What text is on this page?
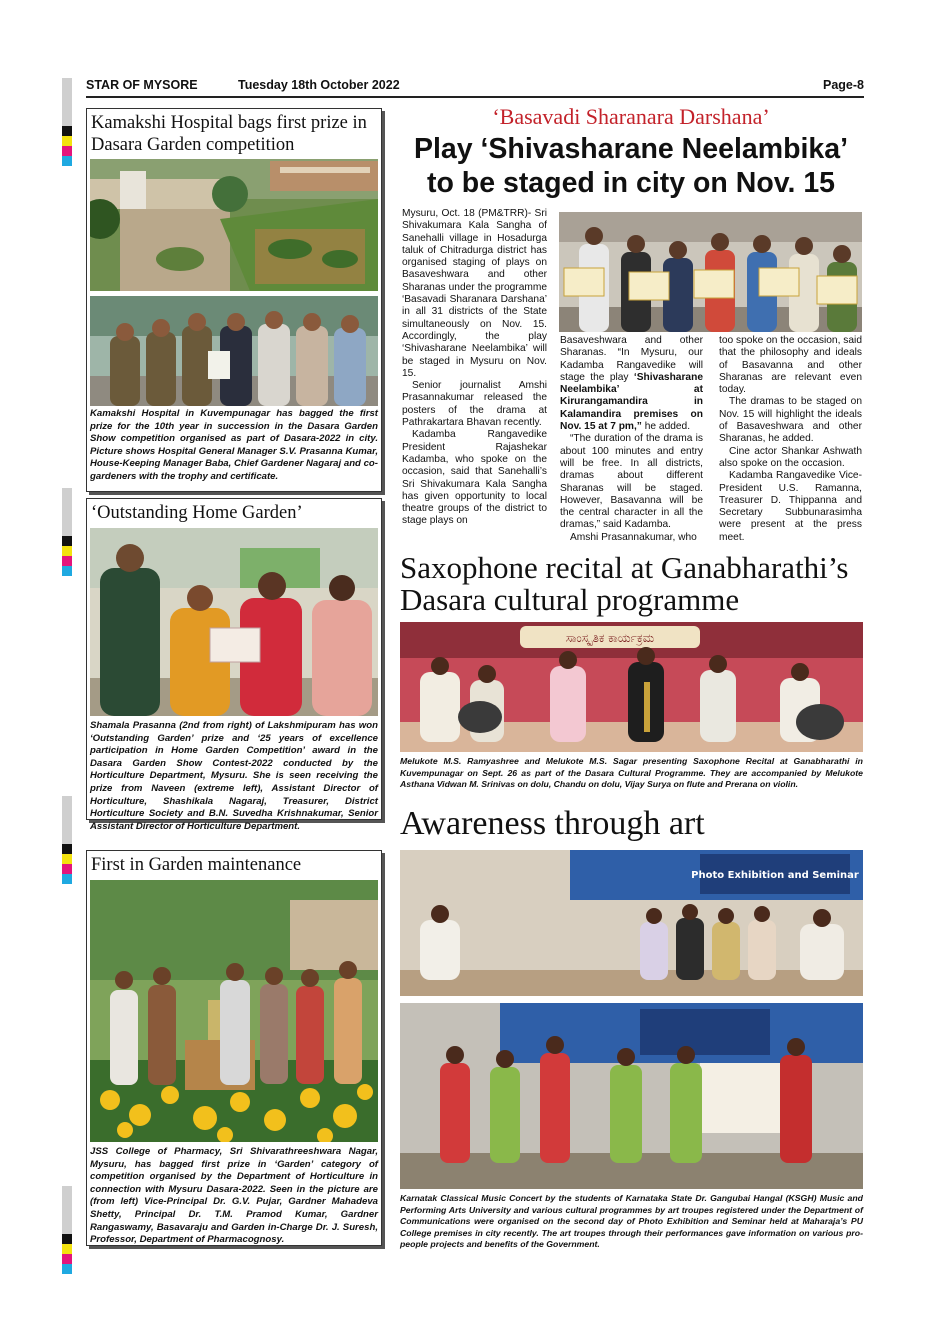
STAR OF MYSORE	Tuesday 18th October 2022	Page-8
Kamakshi Hospital bags first prize in Dasara Garden competition
Kamakshi Hospital in Kuvempunagar has bagged the first prize for the 10th year in succession in the Dasara Garden Show competition organised as part of Dasara-2022 in city. Picture shows Hospital General Manager S.V. Prasanna Kumar, House-Keeping Manager Baba, Chief Gardener Nagaraj and co-gardeners with the trophy and certificate.
‘Outstanding Home Garden’
Shamala Prasanna (2nd from right) of Lakshmipuram has won ‘Outstanding Garden’ prize and ‘25 years of excellence participation in Home Garden Competition’ award in the Dasara Garden Show Contest-2022 conducted by the Horticulture Department, Mysuru. She is seen receiving the prize from Naveen (extreme left), Assistant Director of Horticulture, Shashikala Nagaraj, Treasurer, District Horticulture Society and B.N. Suvedha Krishnakumar, Senior Assistant Director of Horticulture Department.
First in Garden maintenance
JSS College of Pharmacy, Sri Shivarathreeshwara Nagar, Mysuru, has bagged first prize in ‘Garden’ category of competition organised by the Department of Horticulture in connection with Mysuru Dasara-2022. Seen in the picture are (from left) Vice-Principal Dr. G.V. Pujar, Gardner Mahadeva Shetty, Principal Dr. T.M. Pramod Kumar, Gardner Rangaswamy, Basavaraju and Garden in-Charge Dr. J. Suresh, Professor, Department of Pharmacognosy.
‘Basavadi Sharanara Darshana’
Play ‘Shivasharane Neelambika’ to be staged in city on Nov. 15

Mysuru, Oct. 18 (PM&TRR)- Sri Shivakumara Kala Sangha of Sanehalli village in Hosadurga taluk of Chitradurga district has organised staging of plays on Basaveshwara and other Sharanas under the programme ‘Basavadi Sharanara Darshana’ in all 31 districts of the State simultaneously on Nov. 15. Accordingly, the play ‘Shivasharane Neelambika’ will be staged in Mysuru on Nov. 15.

Senior journalist Amshi Prasannakumar released the posters of the drama at Pathrakartara Bhavan recently.

Kadamba Rangavedike President Rajashekar Kadamba, who spoke on the occasion, said that Sanehalli’s Sri Shivakumara Kala Sangha has given opportunity to local theatre groups of the district to stage plays on

Basaveshwara and other Sharanas. “In Mysuru, our Kadamba Rangavedike will stage the play ‘Shivasharane Neelambika’ at Kirurangamandira in Kalamandira premises on Nov. 15 at 7 pm,” he added.

“The duration of the drama is about 100 minutes and entry will be free. In all districts, dramas about different Sharanas will be staged. However, Basavanna will be the central character in all the dramas,” said Kadamba.

Amshi Prasannakumar, who

too spoke on the occasion, said that the philosophy and ideals of Basavanna and other Sharanas are relevant even today.

The dramas to be staged on Nov. 15 will highlight the ideals of Basaveshwara and other Sharanas, he added.

Cine actor Shankar Ashwath also spoke on the occasion.

Kadamba Rangavedike Vice-President U.S. Ramanna, Treasurer D. Thippanna and Secretary Subbunarasimha were present at the press meet.

Saxophone recital at Ganabharathi’s Dasara cultural programme
ಸಾಂಸ್ಕೃತಿಕ ಕಾರ್ಯಕ್ರಮ
Melukote M.S. Ramyashree and Melukote M.S. Sagar presenting Saxophone Recital at Ganabharathi in Kuvempunagar on Sept. 26 as part of the Dasara Cultural Programme. They are accompanied by Melukote Asthana Vidwan M. Srinivas on dolu, Chandu on dolu, Vijay Surya on flute and Prerana on violin.
Awareness through art
Photo Exhibition and Seminar
Karnatak Classical Music Concert by the students of Karnataka State Dr. Gangubai Hangal (KSGH) Music and Performing Arts University and various cultural programmes by art troupes registered under the Department of Communications were organised on the second day of Photo Exhibition and Seminar held at Maharaja’s PU College premises in city recently. The art troupes through their performances gave information on various pro-people projects and benefits of the Government.
